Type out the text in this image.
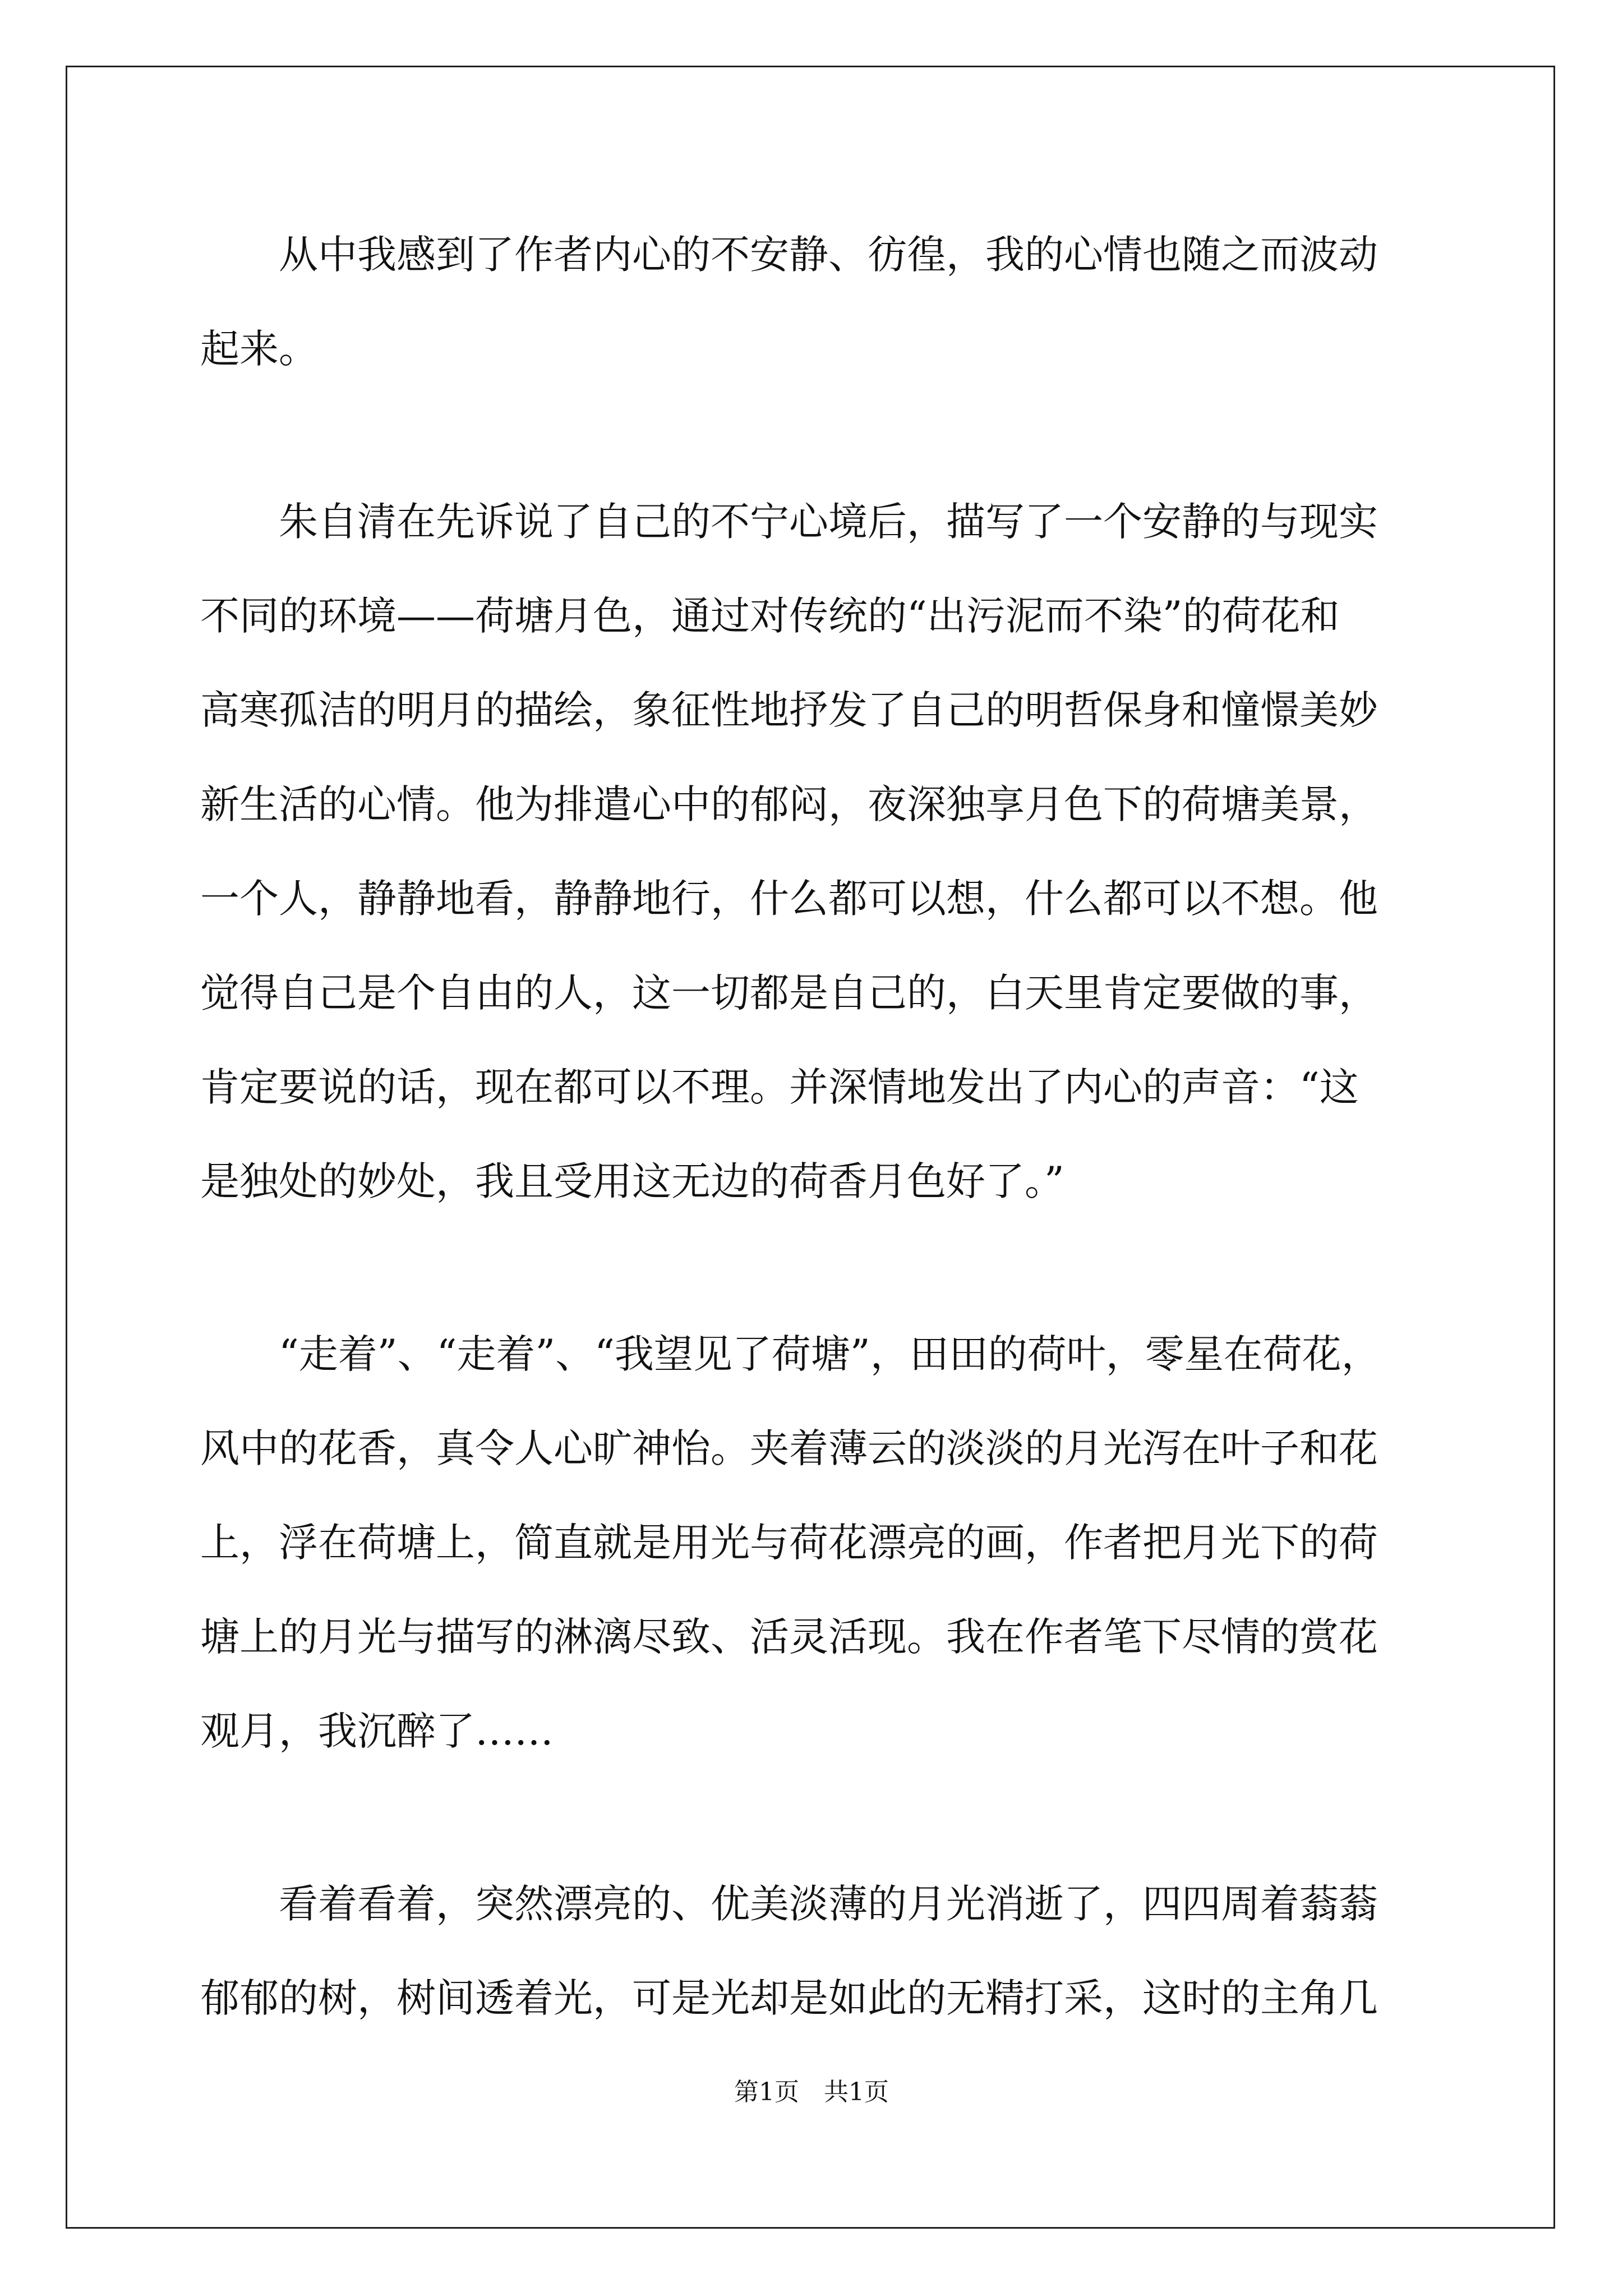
　　从中我感到了作者内心的不安静、彷徨，我的心情也随之而波动
起来。
　　朱自清在先诉说了自己的不宁心境后，描写了一个安静的与现实
不同的环境——荷塘月色，通过对传统的“出污泥而不染”的荷花和
高寒孤洁的明月的描绘，象征性地抒发了自己的明哲保身和憧憬美妙
新生活的心情。他为排遣心中的郁闷，夜深独享月色下的荷塘美景，
一个人，静静地看，静静地行，什么都可以想，什么都可以不想。他
觉得自己是个自由的人，这一切都是自己的，白天里肯定要做的事，
肯定要说的话，现在都可以不理。并深情地发出了内心的声音：“这
是独处的妙处，我且受用这无边的荷香月色好了。”
　　“走着”、“走着”、“我望见了荷塘”，田田的荷叶，零星在荷花，
风中的花香，真令人心旷神怡。夹着薄云的淡淡的月光泻在叶子和花
上，浮在荷塘上，简直就是用光与荷花漂亮的画，作者把月光下的荷
塘上的月光与描写的淋漓尽致、活灵活现。我在作者笔下尽情的赏花
观月，我沉醉了……
　　看着看着，突然漂亮的、优美淡薄的月光消逝了，四四周着蓊蓊
郁郁的树，树间透着光，可是光却是如此的无精打采，这时的主角几
第1页　共1页
